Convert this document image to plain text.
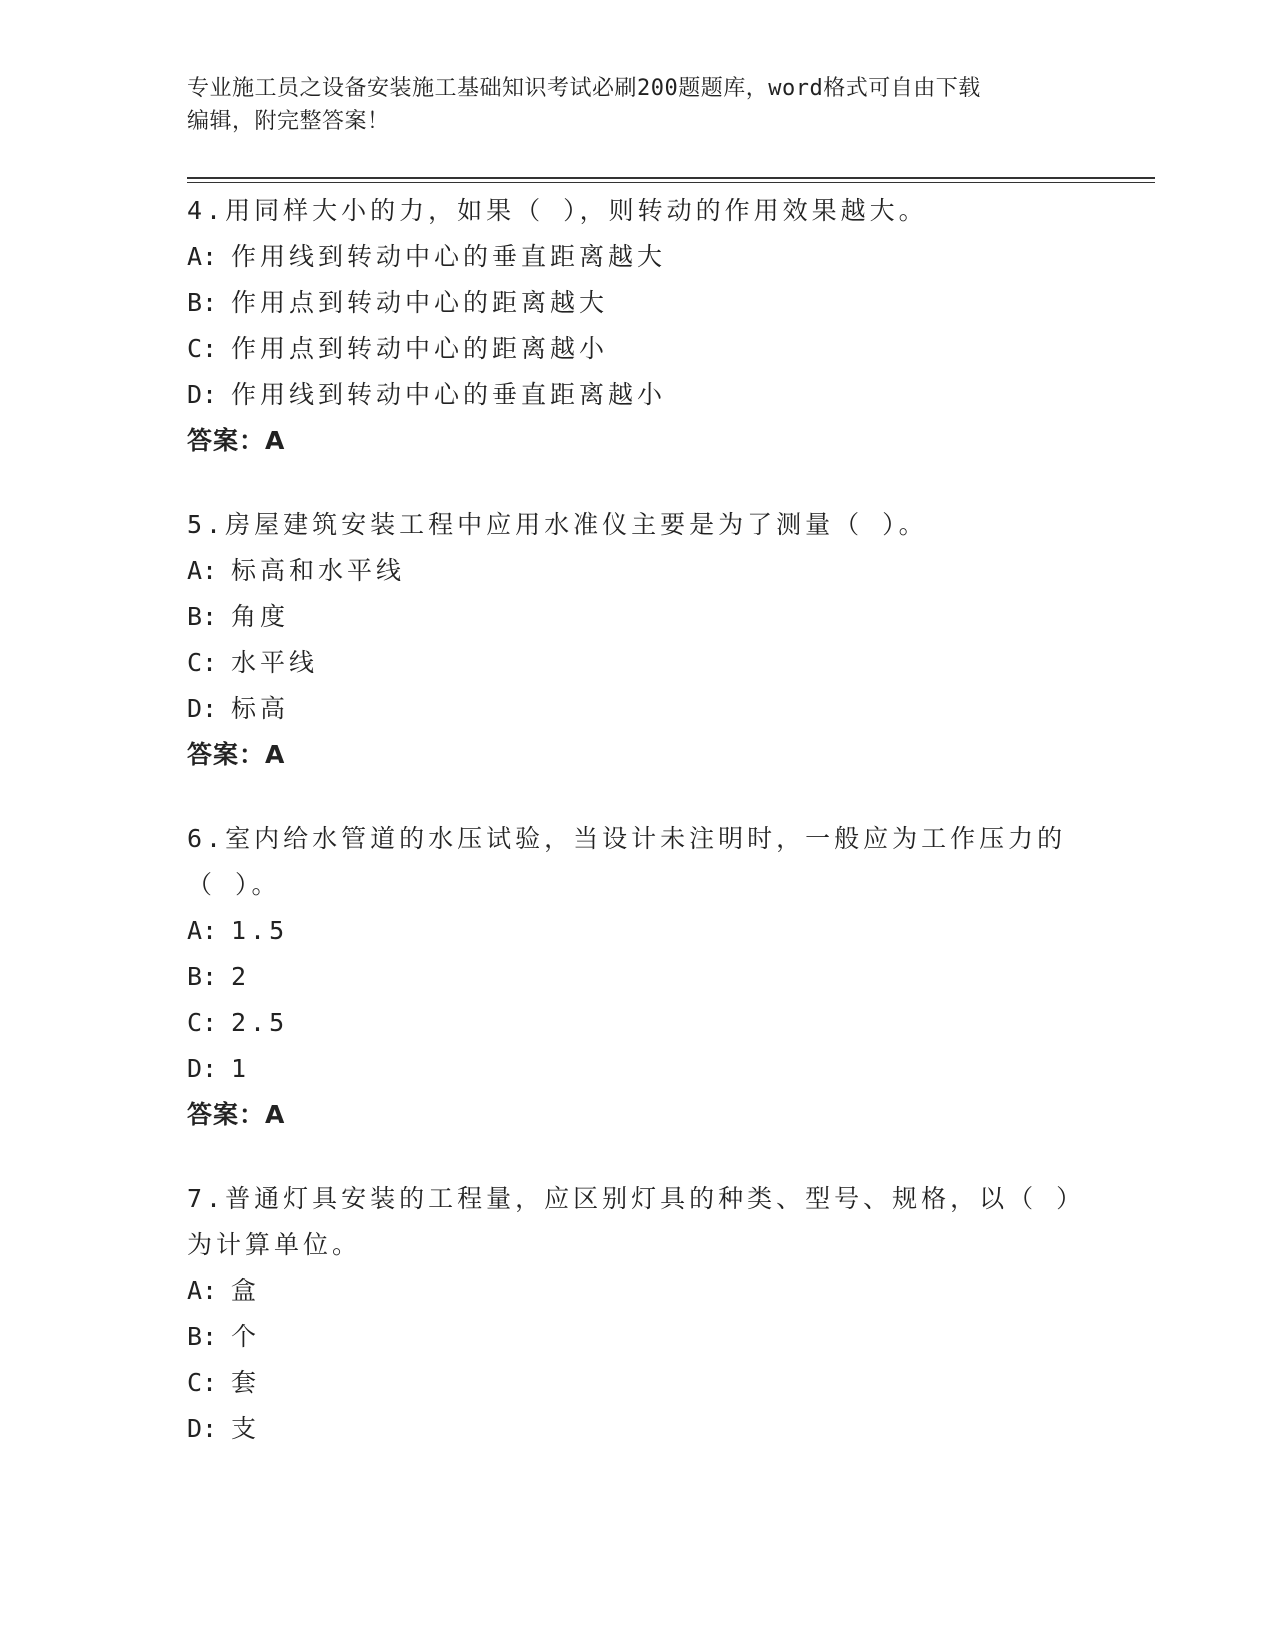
专业施工员之设备安装施工基础知识考试必刷200题题库，word格式可自由下载
编辑，附完整答案！

4.用同样大小的力，如果（ ），则转动的作用效果越大。

A: 作用线到转动中心的垂直距离越大
B: 作用点到转动中心的距离越大
C: 作用点到转动中心的距离越小
D: 作用线到转动中心的垂直距离越小

答案：A

5.房屋建筑安装工程中应用水准仪主要是为了测量（ ）。

A: 标高和水平线
B: 角度
C: 水平线
D: 标高

答案：A

6.室内给水管道的水压试验，当设计未注明时，一般应为工作压力的（ ）。

A: 1.5
B: 2
C: 2.5
D: 1

答案：A

7.普通灯具安装的工程量，应区别灯具的种类、型号、规格，以（ ）为计算单位。

A: 盒
B: 个
C: 套
D: 支
